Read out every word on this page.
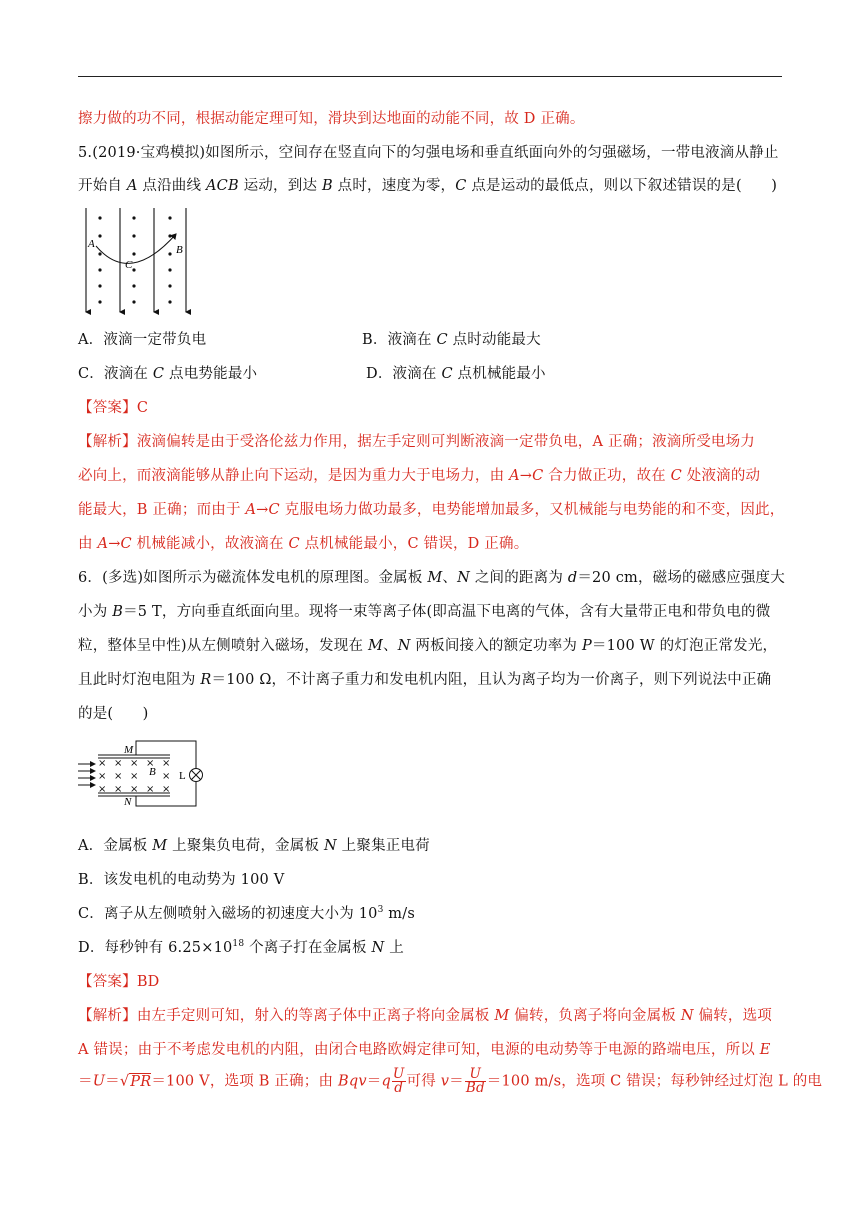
擦力做的功不同，根据动能定理可知，滑块到达地面的动能不同，故 D 正确。
5.(2019·宝鸡模拟)如图所示，空间存在竖直向下的匀强电场和垂直纸面向外的匀强磁场，一带电液滴从静止
开始自 A 点沿曲线 ACB 运动，到达 B 点时，速度为零，C 点是运动的最低点，则以下叙述错误的是(　　)
A
C
B
A．液滴一定带负电	B．液滴在 C 点时动能最大
C．液滴在 C 点电势能最小	D．液滴在 C 点机械能最小
【答案】C
【解析】液滴偏转是由于受洛伦兹力作用，据左手定则可判断液滴一定带负电，A 正确；液滴所受电场力
必向上，而液滴能够从静止向下运动，是因为重力大于电场力，由 A→C 合力做正功，故在 C 处液滴的动
能最大，B 正确；而由于 A→C 克服电场力做功最多，电势能增加最多，又机械能与电势能的和不变，因此，
由 A→C 机械能减小，故液滴在 C 点机械能最小，C 错误，D 正确。
6．(多选)如图所示为磁流体发电机的原理图。金属板 M、N 之间的距离为 d＝20 cm，磁场的磁感应强度大
小为 B＝5 T，方向垂直纸面向里。现将一束等离子体(即高温下电离的气体，含有大量带正电和带负电的微
粒，整体呈中性)从左侧喷射入磁场，发现在 M、N 两板间接入的额定功率为 P＝100 W 的灯泡正常发光，
且此时灯泡电阻为 R＝100 Ω，不计离子重力和发电机内阻，且认为离子均为一价离子，则下列说法中正确
的是(　　)
× × × × ×
× × × ×
× × × × ×
M
N
B L
A．金属板 M 上聚集负电荷，金属板 N 上聚集正电荷
B．该发电机的电动势为 100 V
C．离子从左侧喷射入磁场的初速度大小为 $10^3$ m/s
D．每秒钟有 $6.25\times 10^{18}$ 个离子打在金属板 N 上
【答案】BD
【解析】由左手定则可知，射入的等离子体中正离子将向金属板 M 偏转，负离子将向金属板 N 偏转，选项
A 错误；由于不考虑发电机的内阻，由闭合电路欧姆定律可知，电源的电动势等于电源的路端电压，所以 E
＝U＝√PR＝100 V，选项 B 正确；由 $Bqv=q \frac{U}{d}$ 可得 $v= \frac{U}{Bd} =100$ m/s，选项 C 错误；每秒钟经过灯泡 L 的电
